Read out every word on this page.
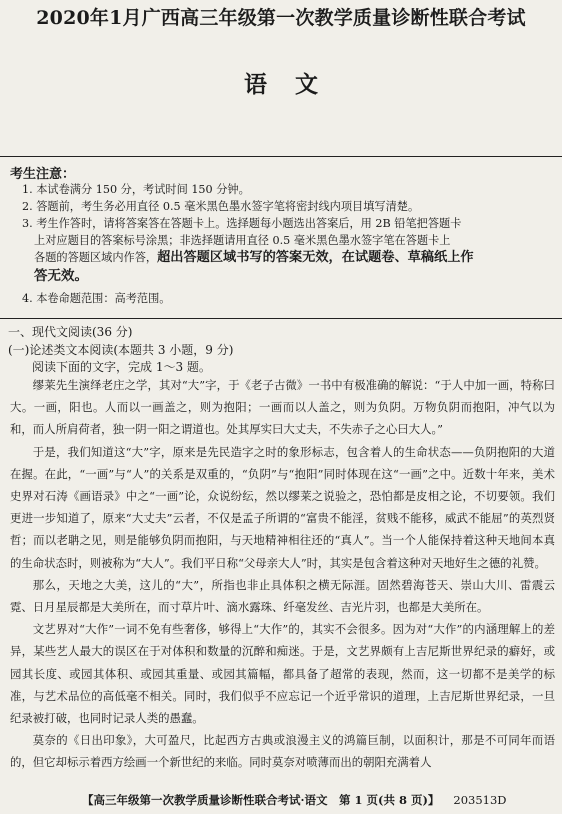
2020年1月广西高三年级第一次教学质量诊断性联合考试
语文
考生注意：

1. 本试卷满分 150 分，考试时间 150 分钟。

2. 答题前，考生务必用直径 0.5 毫米黑色墨水签字笔将密封线内项目填写清楚。

3. 考生作答时，请将答案答在答题卡上。选择题每小题选出答案后，用 2B 铅笔把答题卡

上对应题目的答案标号涂黑；非选择题请用直径 0.5 毫米黑色墨水签字笔在答题卡上

各题的答题区域内作答，超出答题区域书写的答案无效，在试题卷、草稿纸上作

答无效。

4. 本卷命题范围：高考范围。

一、现代文阅读(36 分)
(一)论述类文本阅读(本题共 3 小题，9 分)
阅读下面的文字，完成 1～3 题。

缪莱先生演绎老庄之学，其对“大”字，于《老子古微》一书中有极准确的解说：“于人中加一画，特称曰大。一画，阳也。人而以一画盖之，则为抱阳；一画而以人盖之，则为负阴。万物负阴而抱阳，冲气以为和，而人所肩荷者，独一阴一阳之谓道也。处其厚实曰大丈夫，不失赤子之心曰大人。”

于是，我们知道这“大”字，原来是先民造字之时的象形标志，包含着人的生命状态——负阴抱阳的大道在握。在此，“一画”与“人”的关系是双重的，“负阴”与“抱阳”同时体现在这“一画”之中。近数十年来，美术史界对石涛《画语录》中之“一画”论，众说纷纭，然以缪莱之说验之，恐怕都是皮相之论，不切要领。我们更进一步知道了，原来“大丈夫”云者，不仅是孟子所谓的“富贵不能淫，贫贱不能移，威武不能屈”的英烈贤哲；而以老聃之见，则是能够负阴而抱阳，与天地精神相往还的“真人”。当一个人能保持着这种天地间本真的生命状态时，则被称为“大人”。我们平日称“父母亲大人”时，其实是包含着这种对天地好生之德的礼赞。

那么，天地之大美，这儿的“大”，所指也非止具体积之横无际涯。固然碧海苍天、崇山大川、雷震云霓、日月星辰都是大美所在，而寸草片叶、滴水露珠、纤毫发丝、吉光片羽，也都是大美所在。

文艺界对“大作”一词不免有些奢侈，够得上“大作”的，其实不会很多。因为对“大作”的内涵理解上的差异，某些艺人最大的误区在于对体积和数量的沉醉和痴迷。于是，文艺界颇有上吉尼斯世界纪录的癖好，或园其长度、或园其体积、或园其重量、或园其篇幅，都具备了超常的表现，然而，这一切都不是美学的标准，与艺术品位的高低毫不相关。同时，我们似乎不应忘记一个近乎常识的道理，上吉尼斯世界纪录，一旦纪录被打破，也同时记录人类的愚蠢。

莫奈的《日出印象》，大可盈尺，比起西方古典或浪漫主义的鸿篇巨制，以面积计，那是不可同年而语的，但它却标示着西方绘画一个新世纪的来临。同时莫奈对喷薄而出的朝阳充满着人

【高三年级第一次教学质量诊断性联合考试·语文　第 1 页(共 8 页)】 203513D
